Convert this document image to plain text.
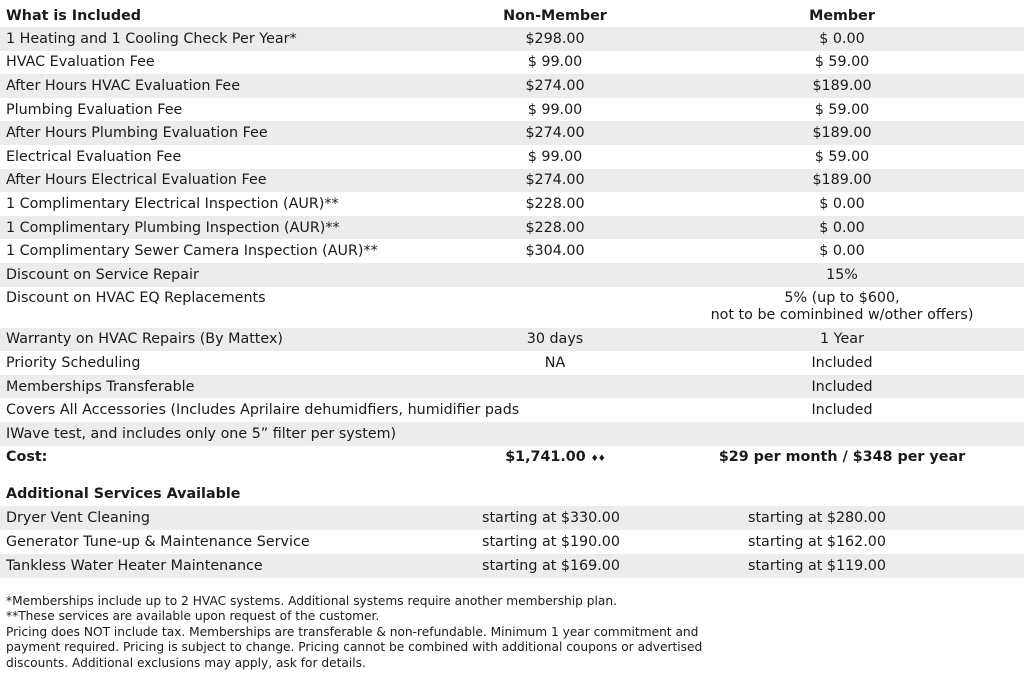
What is Included	Non-Member	Member
1 Heating and 1 Cooling Check Per Year*	$298.00	$ 0.00
HVAC Evaluation Fee	$ 99.00	$ 59.00
After Hours HVAC Evaluation Fee	$274.00	$189.00
Plumbing Evaluation Fee	$ 99.00	$ 59.00
After Hours Plumbing Evaluation Fee	$274.00	$189.00
Electrical Evaluation Fee	$ 99.00	$ 59.00
After Hours Electrical Evaluation Fee	$274.00	$189.00
1 Complimentary Electrical Inspection (AUR)**	$228.00	$ 0.00
1 Complimentary Plumbing Inspection (AUR)**	$228.00	$ 0.00
1 Complimentary Sewer Camera Inspection (AUR)**	$304.00	$ 0.00
Discount on Service Repair		15%
Discount on HVAC EQ Replacements		5% (up to $600,
not to be cominbined w/other offers)

Warranty on HVAC Repairs (By Mattex)	30 days	1 Year
Priority Scheduling	NA	Included
Memberships Transferable		Included
Covers All Accessories (Includes Aprilaire dehumidfiers, humidifier pads		Included
IWave test, and includes only one 5” filter per system)		
Cost:	$1,741.00 ♦♦	$29 per month / $348 per year
Additional Services Available		
Dryer Vent Cleaning	starting at $330.00	starting at $280.00
Generator Tune-up & Maintenance Service	starting at $190.00	starting at $162.00
Tankless Water Heater Maintenance	starting at $169.00	starting at $119.00
*Memberships include up to 2 HVAC systems. Additional systems require another membership plan.
**These services are available upon request of the customer.
Pricing does NOT include tax. Memberships are transferable & non-refundable. Minimum 1 year commitment and
payment required. Pricing is subject to change. Pricing cannot be combined with additional coupons or advertised
discounts. Additional exclusions may apply, ask for details.
